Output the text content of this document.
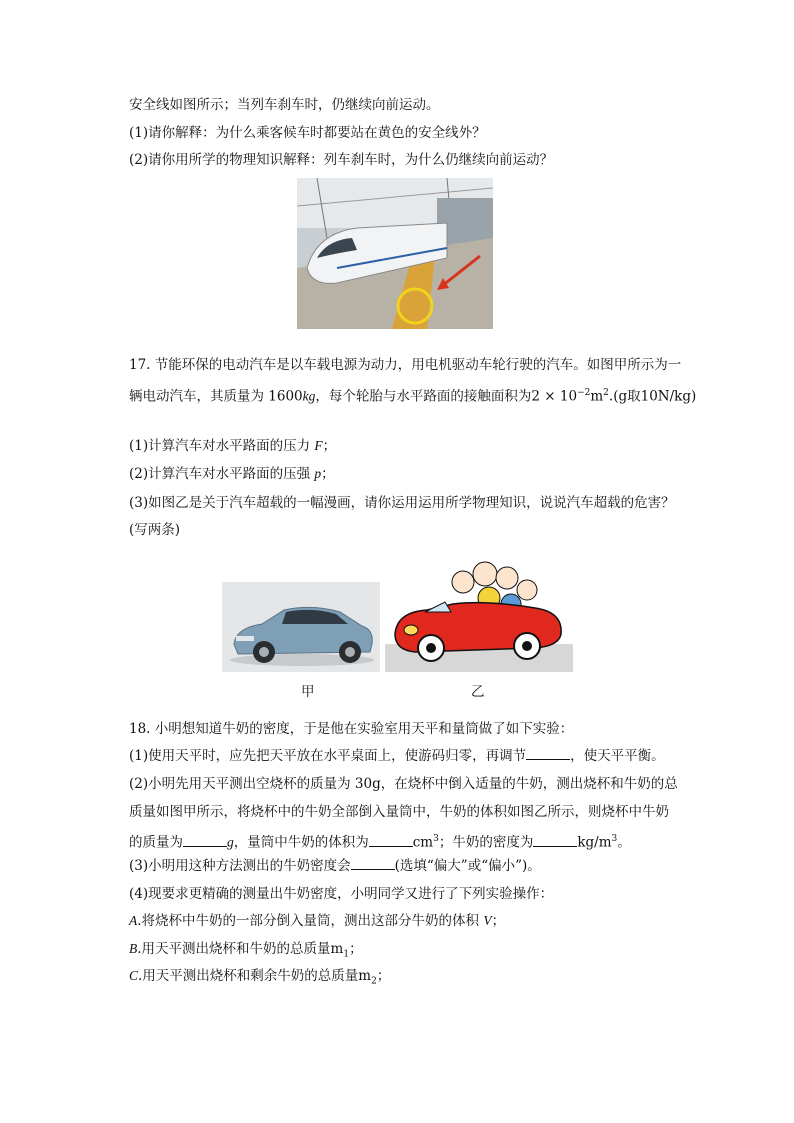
安全线如图所示；当列车刹车时，仍继续向前运动。
(1)请你解释：为什么乘客候车时都要站在黄色的安全线外？
(2)请你用所学的物理知识解释：列车刹车时，为什么仍继续向前运动？
17. 节能环保的电动汽车是以车载电源为动力，用电机驱动车轮行驶的汽车。如图甲所示为一
辆电动汽车，其质量为 1600kg，每个轮胎与水平路面的接触面积为$2 \times 10^{-2}m^2.(g$取10N/kg)
(1)计算汽车对水平路面的压力 F；
(2)计算汽车对水平路面的压强 p；
(3)如图乙是关于汽车超载的一幅漫画，请你运用运用所学物理知识，说说汽车超载的危害？
(写两条)
甲	乙
18. 小明想知道牛奶的密度，于是他在实验室用天平和量筒做了如下实验：
(1)使用天平时，应先把天平放在水平桌面上，使游码归零，再调节	，使天平平衡。
(2)小明先用天平测出空烧杯的质量为 30g，在烧杯中倒入适量的牛奶，测出烧杯和牛奶的总
质量如图甲所示，将烧杯中的牛奶全部倒入量筒中，牛奶的体积如图乙所示，则烧杯中牛奶
的质量为	g，量筒中牛奶的体积为	$cm^3$；牛奶的密度为	$kg/m^3$。
(3)小明用这种方法测出的牛奶密度会	(选填“偏大”或“偏小”)。
(4)现要求更精确的测量出牛奶密度，小明同学又进行了下列实验操作：
A.将烧杯中牛奶的一部分倒入量筒，测出这部分牛奶的体积 V；
B.用天平测出烧杯和牛奶的总质量$m_1$；
C.用天平测出烧杯和剩余牛奶的总质量$m_2$；
